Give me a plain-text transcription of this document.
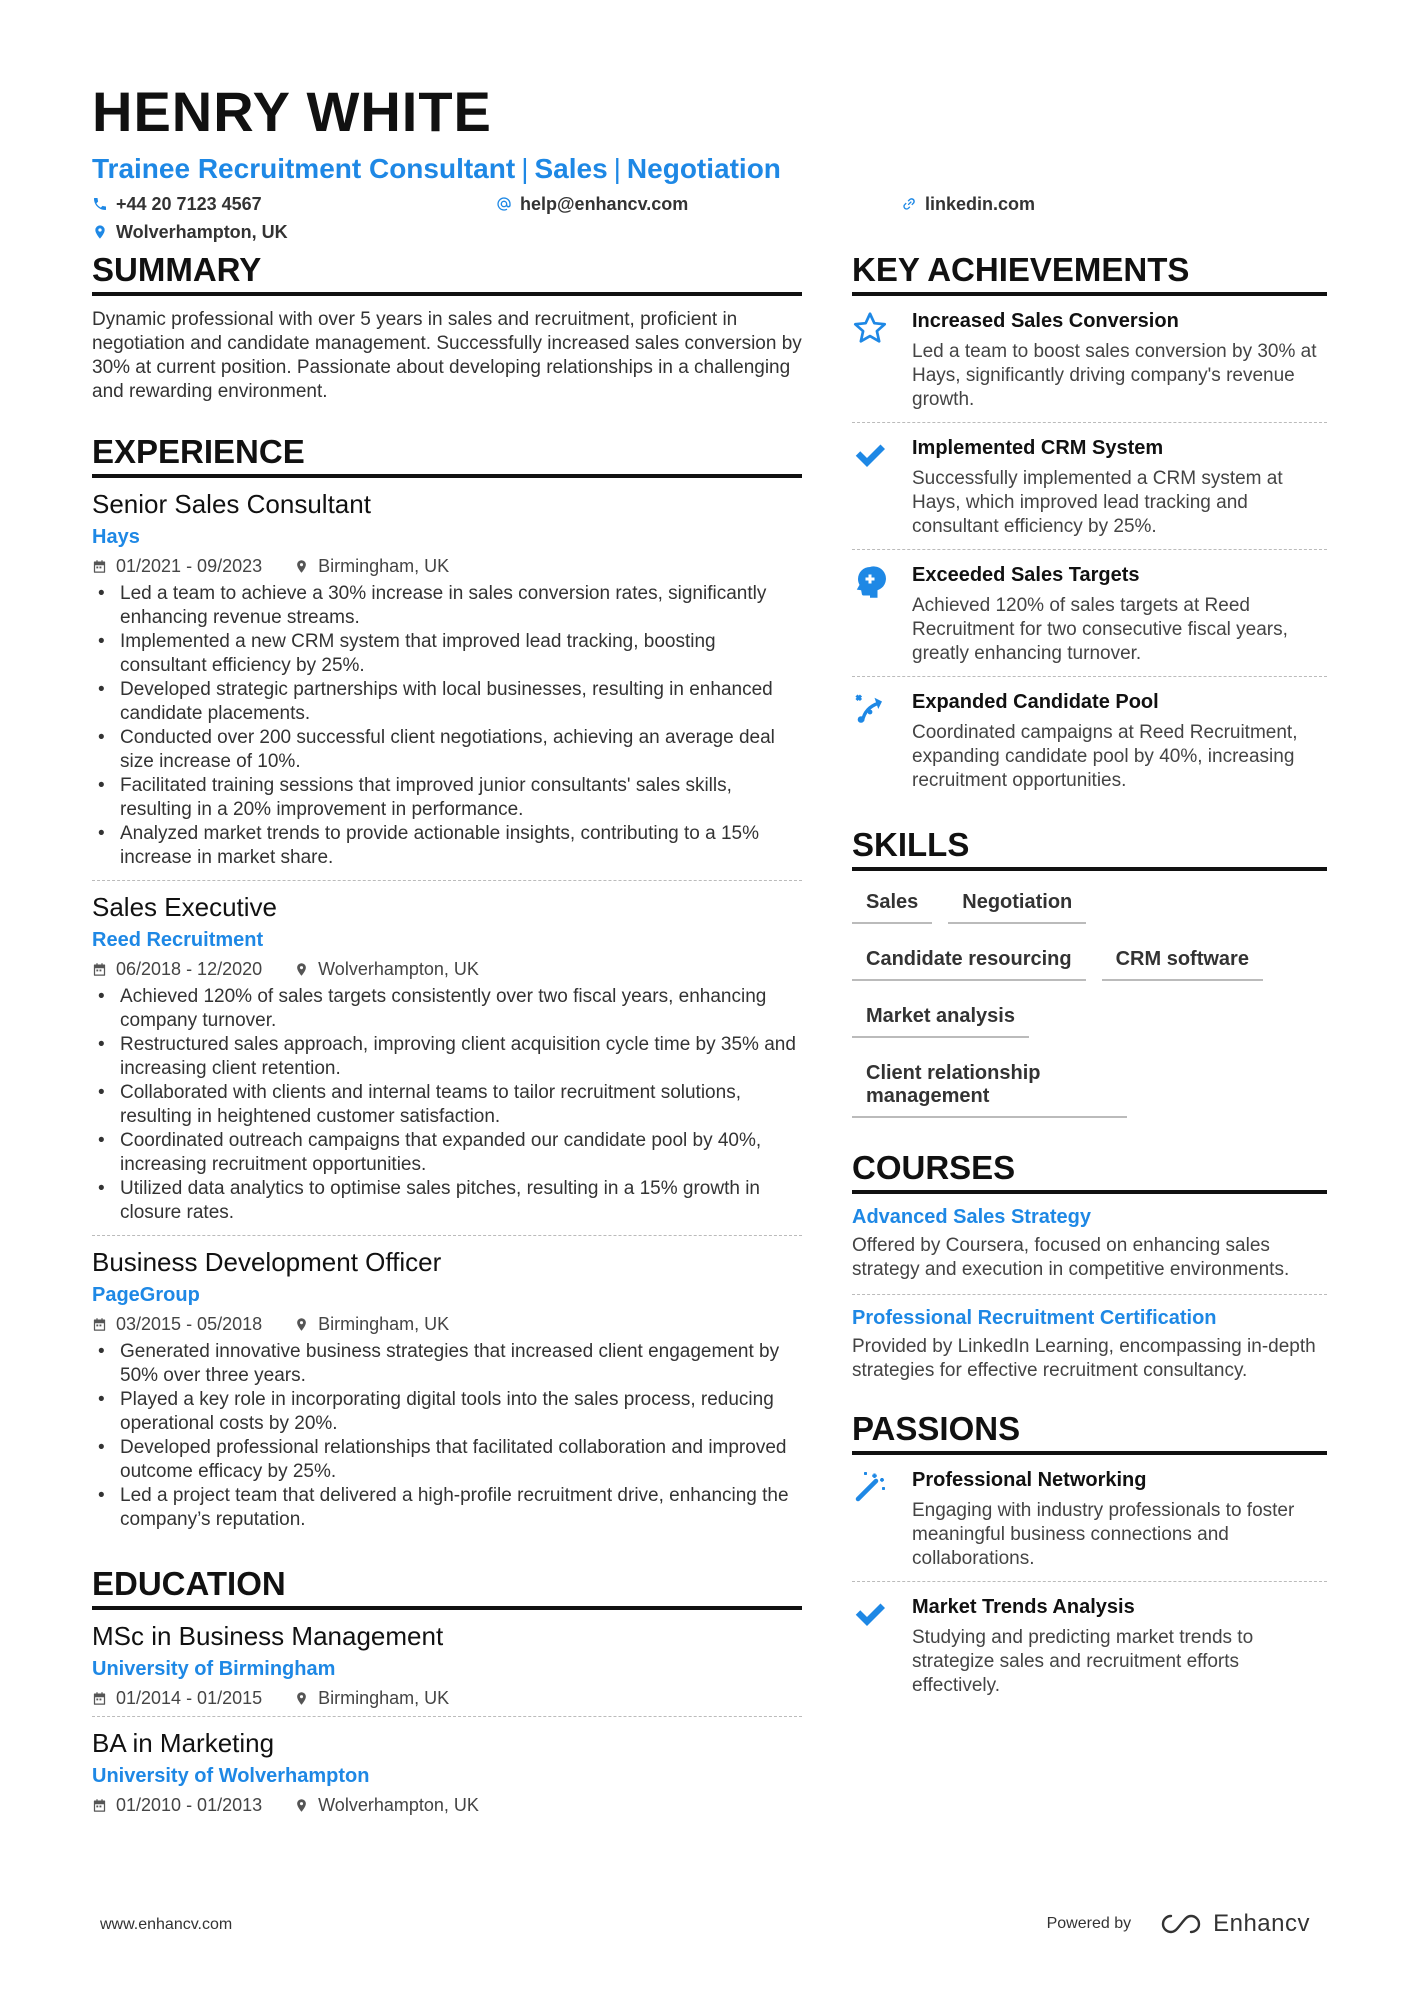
HENRY WHITE
Trainee Recruitment Consultant | Sales | Negotiation
+44 20 7123 4567	help@enhancv.com	linkedin.com
Wolverhampton, UK
SUMMARY
Dynamic professional with over 5 years in sales and recruitment, proficient in negotiation and candidate management. Successfully increased sales conversion by 30% at current position. Passionate about developing relationships in a challenging and rewarding environment.
EXPERIENCE
Senior Sales Consultant
Hays
01/2021 - 09/2023	Birmingham, UK
• Led a team to achieve a 30% increase in sales conversion rates, significantly enhancing revenue streams.
• Implemented a new CRM system that improved lead tracking, boosting consultant efficiency by 25%.
• Developed strategic partnerships with local businesses, resulting in enhanced candidate placements.
• Conducted over 200 successful client negotiations, achieving an average deal size increase of 10%.
• Facilitated training sessions that improved junior consultants' sales skills, resulting in a 20% improvement in performance.
• Analyzed market trends to provide actionable insights, contributing to a 15% increase in market share.
Sales Executive
Reed Recruitment
06/2018 - 12/2020	Wolverhampton, UK
• Achieved 120% of sales targets consistently over two fiscal years, enhancing company turnover.
• Restructured sales approach, improving client acquisition cycle time by 35% and increasing client retention.
• Collaborated with clients and internal teams to tailor recruitment solutions, resulting in heightened customer satisfaction.
• Coordinated outreach campaigns that expanded our candidate pool by 40%, increasing recruitment opportunities.
• Utilized data analytics to optimise sales pitches, resulting in a 15% growth in closure rates.
Business Development Officer
PageGroup
03/2015 - 05/2018	Birmingham, UK
• Generated innovative business strategies that increased client engagement by 50% over three years.
• Played a key role in incorporating digital tools into the sales process, reducing operational costs by 20%.
• Developed professional relationships that facilitated collaboration and improved outcome efficacy by 25%.
• Led a project team that delivered a high-profile recruitment drive, enhancing the company’s reputation.
EDUCATION
MSc in Business Management
University of Birmingham
01/2014 - 01/2015	Birmingham, UK
BA in Marketing
University of Wolverhampton
01/2010 - 01/2013	Wolverhampton, UK
KEY ACHIEVEMENTS
Increased Sales Conversion
Led a team to boost sales conversion by 30% at Hays, significantly driving company's revenue growth.
Implemented CRM System
Successfully implemented a CRM system at Hays, which improved lead tracking and consultant efficiency by 25%.
Exceeded Sales Targets
Achieved 120% of sales targets at Reed Recruitment for two consecutive fiscal years, greatly enhancing turnover.
Expanded Candidate Pool
Coordinated campaigns at Reed Recruitment, expanding candidate pool by 40%, increasing recruitment opportunities.
SKILLS
Sales	Negotiation
Candidate resourcing	CRM software
Market analysis
Client relationship management
COURSES
Advanced Sales Strategy
Offered by Coursera, focused on enhancing sales strategy and execution in competitive environments.
Professional Recruitment Certification
Provided by LinkedIn Learning, encompassing in-depth strategies for effective recruitment consultancy.
PASSIONS
Professional Networking
Engaging with industry professionals to foster meaningful business connections and collaborations.
Market Trends Analysis
Studying and predicting market trends to strategize sales and recruitment efforts effectively.
www.enhancv.com	Powered by	Enhancv
